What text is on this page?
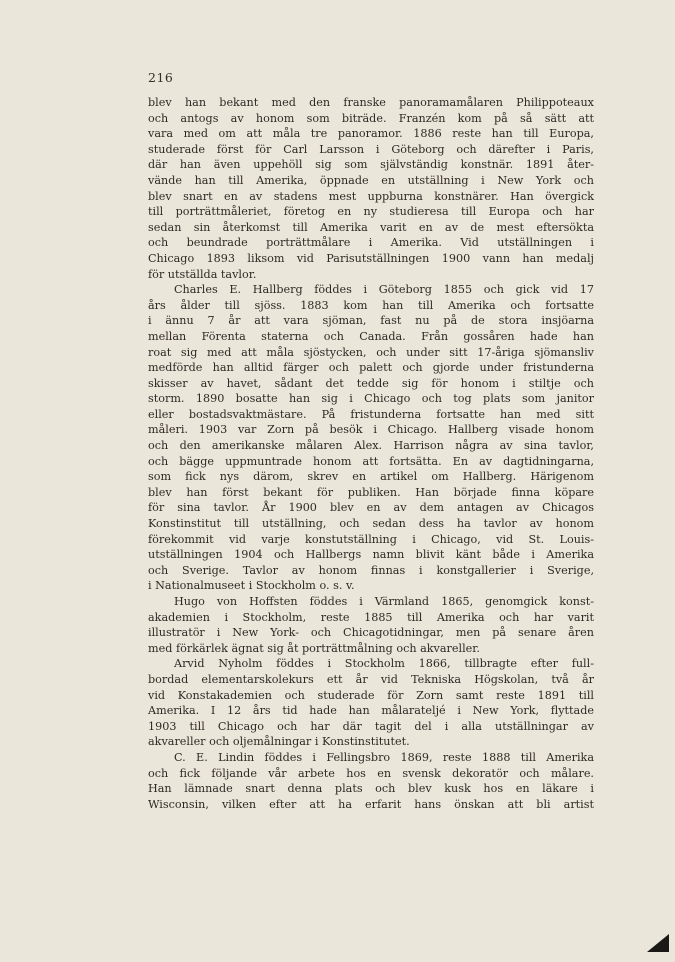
216
blev han bekant med den franske panoramamålaren Philippoteaux
och antogs av honom som biträde. Franzén kom på så sätt att
vara med om att måla tre panoramor. 1886 reste han till Europa,
studerade först för Carl Larsson i Göteborg och därefter i Paris,
där han även uppehöll sig som självständig konstnär. 1891 åter-
vände han till Amerika, öppnade en utställning i New York och
blev snart en av stadens mest uppburna konstnärer. Han övergick
till porträttmåleriet, företog en ny studieresa till Europa och har
sedan sin återkomst till Amerika varit en av de mest eftersökta
och beundrade porträttmålare i Amerika. Vid utställningen i
Chicago 1893 liksom vid Parisutställningen 1900 vann han medalj
för utställda tavlor.
Charles E. Hallberg föddes i Göteborg 1855 och gick vid 17
års ålder till sjöss. 1883 kom han till Amerika och fortsatte
i ännu 7 år att vara sjöman, fast nu på de stora insjöarna
mellan Förenta staterna och Canada. Från gossåren hade han
roat sig med att måla sjöstycken, och under sitt 17-åriga sjömansliv
medförde han alltid färger och palett och gjorde under fristunderna
skisser av havet, sådant det tedde sig för honom i stiltje och
storm. 1890 bosatte han sig i Chicago och tog plats som janitor
eller bostadsvaktmästare. På fristunderna fortsatte han med sitt
måleri. 1903 var Zorn på besök i Chicago. Hallberg visade honom
och den amerikanske målaren Alex. Harrison några av sina tavlor,
och bägge uppmuntrade honom att fortsätta. En av dagtidningarna,
som fick nys därom, skrev en artikel om Hallberg. Härigenom
blev han först bekant för publiken. Han började finna köpare
för sina tavlor. År 1900 blev en av dem antagen av Chicagos
Konstinstitut till utställning, och sedan dess ha tavlor av honom
förekommit vid varje konstutställning i Chicago, vid St. Louis-
utställningen 1904 och Hallbergs namn blivit känt både i Amerika
och Sverige. Tavlor av honom finnas i konstgallerier i Sverige,
i Nationalmuseet i Stockholm o. s. v.
Hugo von Hoffsten föddes i Värmland 1865, genomgick konst-
akademien i Stockholm, reste 1885 till Amerika och har varit
illustratör i New York- och Chicagotidningar, men på senare åren
med förkärlek ägnat sig åt porträttmålning och akvareller.
Arvid Nyholm föddes i Stockholm 1866, tillbragte efter full-
bordad elementarskolekurs ett år vid Tekniska Högskolan, två år
vid Konstakademien och studerade för Zorn samt reste 1891 till
Amerika. I 12 års tid hade han målarateljé i New York, flyttade
1903 till Chicago och har där tagit del i alla utställningar av
akvareller och oljemålningar i Konstinstitutet.
C. E. Lindin föddes i Fellingsbro 1869, reste 1888 till Amerika
och fick följande vår arbete hos en svensk dekoratör och målare.
Han lämnade snart denna plats och blev kusk hos en läkare i
Wisconsin, vilken efter att ha erfarit hans önskan att bli artist
